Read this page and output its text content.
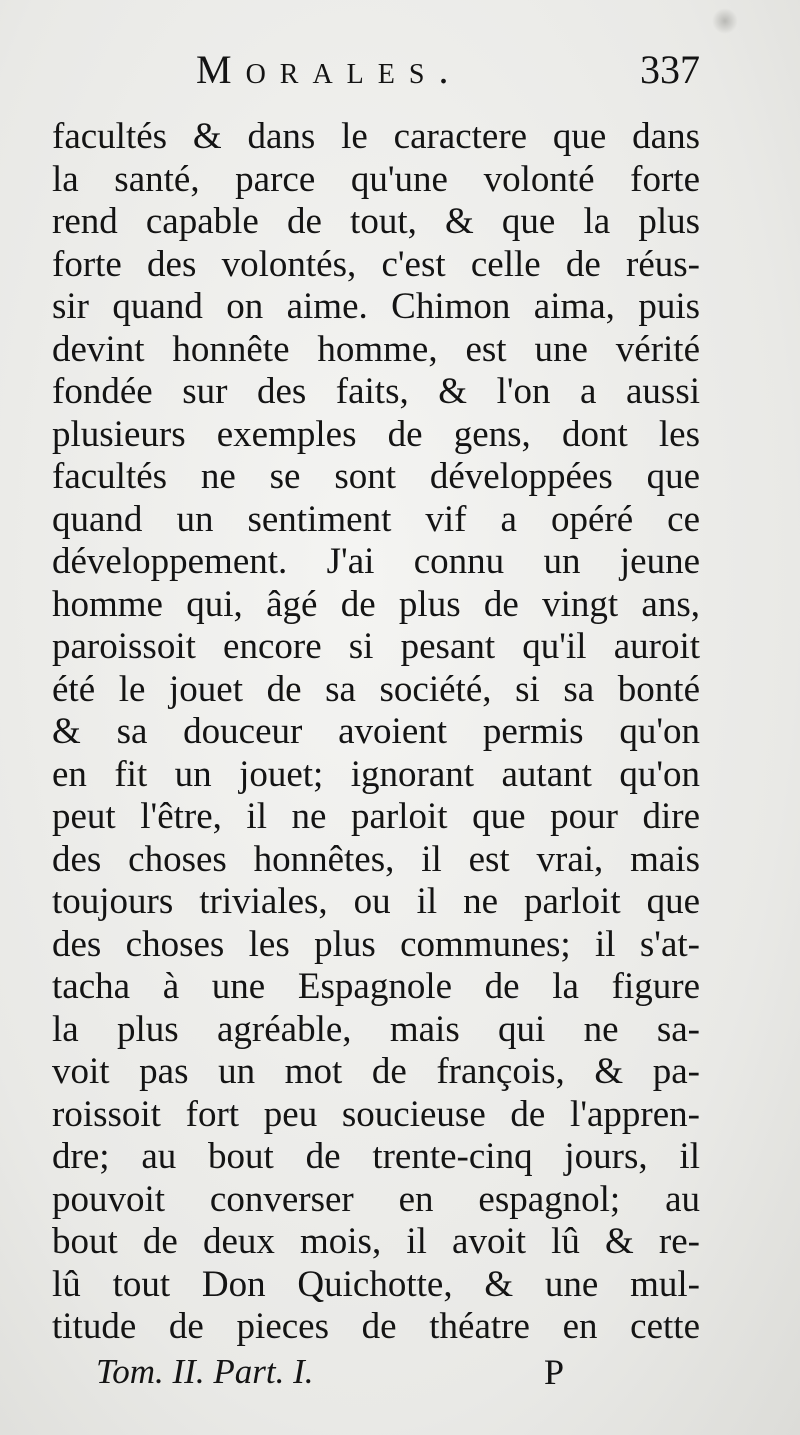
Morales.	337
facultés & dans le caractere que dans
la santé, parce qu'une volonté forte
rend capable de tout, & que la plus
forte des volontés, c'est celle de réus-
sir quand on aime. Chimon aima, puis
devint honnête homme, est une vérité
fondée sur des faits, & l'on a aussi
plusieurs exemples de gens, dont les
facultés ne se sont développées que
quand un sentiment vif a opéré ce
développement. J'ai connu un jeune
homme qui, âgé de plus de vingt ans,
paroissoit encore si pesant qu'il auroit
été le jouet de sa société, si sa bonté
& sa douceur avoient permis qu'on
en fit un jouet; ignorant autant qu'on
peut l'être, il ne parloit que pour dire
des choses honnêtes, il est vrai, mais
toujours triviales, ou il ne parloit que
des choses les plus communes; il s'at-
tacha à une Espagnole de la figure
la plus agréable, mais qui ne sa-
voit pas un mot de françois, & pa-
roissoit fort peu soucieuse de l'appren-
dre; au bout de trente-cinq jours, il
pouvoit converser en espagnol; au
bout de deux mois, il avoit lû & re-
lû tout Don Quichotte, & une mul-
titude de pieces de théatre en cette
Tom. II. Part. I.	P
